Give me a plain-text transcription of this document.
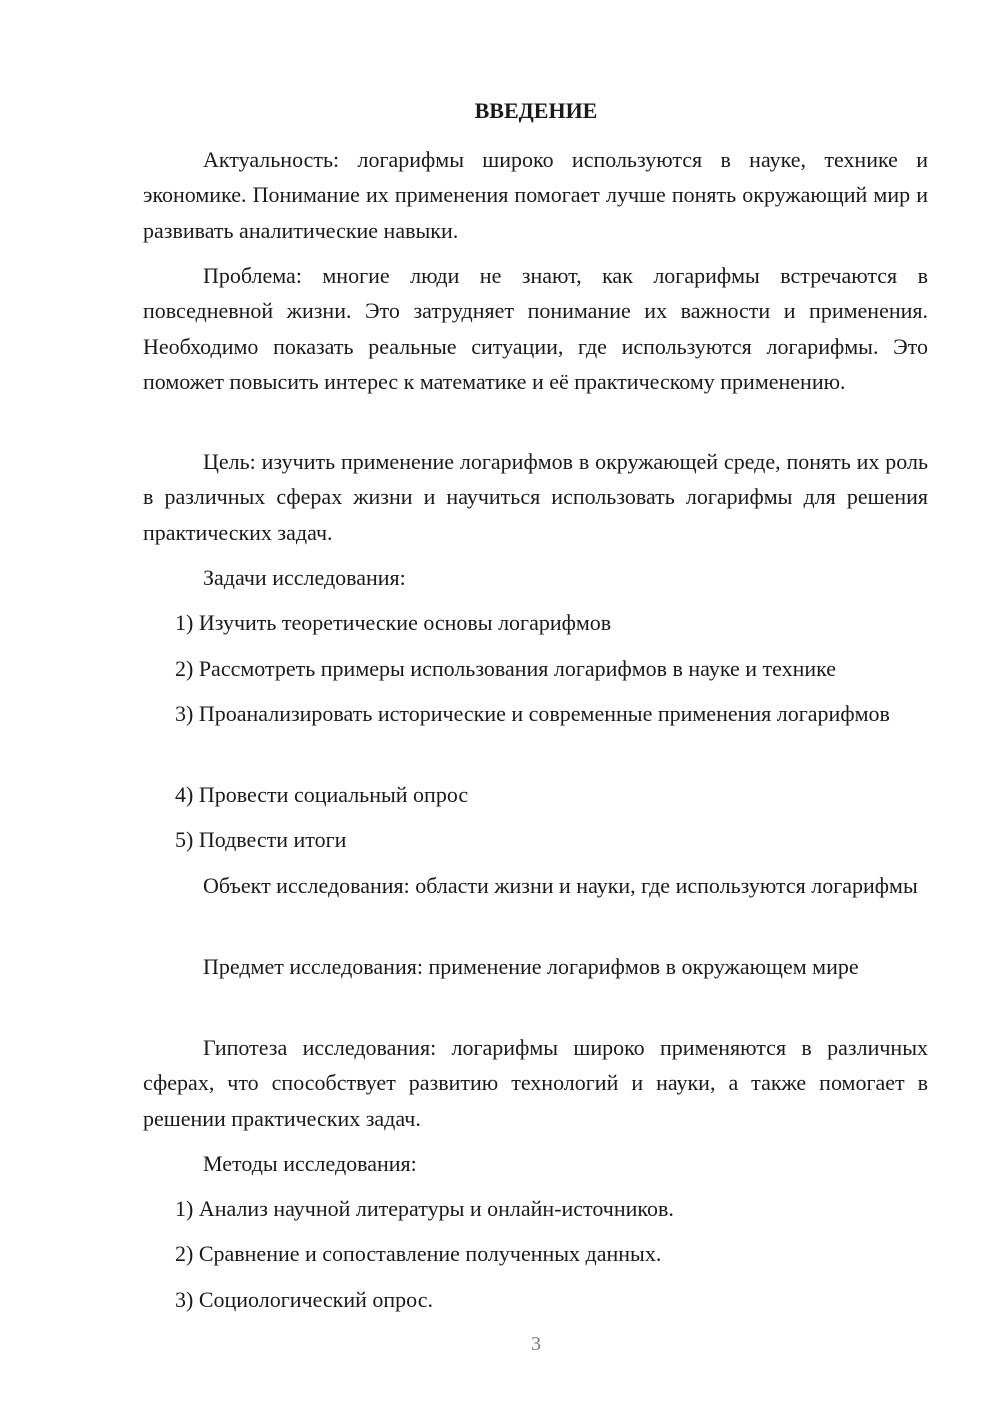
ВВЕДЕНИЕ

Актуальность: логарифмы широко используются в науке, технике и экономике. Понимание их применения помогает лучше понять окружающий мир и развивать аналитические навыки.

Проблема: многие люди не знают, как логарифмы встречаются в повседневной жизни. Это затрудняет понимание их важности и применения. Необходимо показать реальные ситуации, где используются логарифмы. Это поможет повысить интерес к математике и её практическому применению.

Цель: изучить применение логарифмов в окружающей среде, понять их роль в различных сферах жизни и научиться использовать логарифмы для решения практических задач.

Задачи исследования:

1) Изучить теоретические основы логарифмов

2) Рассмотреть примеры использования логарифмов в науке и технике

3) Проанализировать исторические и современные применения логарифмов

4) Провести социальный опрос

5) Подвести итоги

Объект исследования: области жизни и науки, где используются логарифмы

Предмет исследования: применение логарифмов в окружающем мире

Гипотеза исследования: логарифмы широко применяются в различных сферах, что способствует развитию технологий и науки, а также помогает в решении практических задач.

Методы исследования:

1) Анализ научной литературы и онлайн-источников.

2) Сравнение и сопоставление полученных данных.

3) Социологический опрос.

3
